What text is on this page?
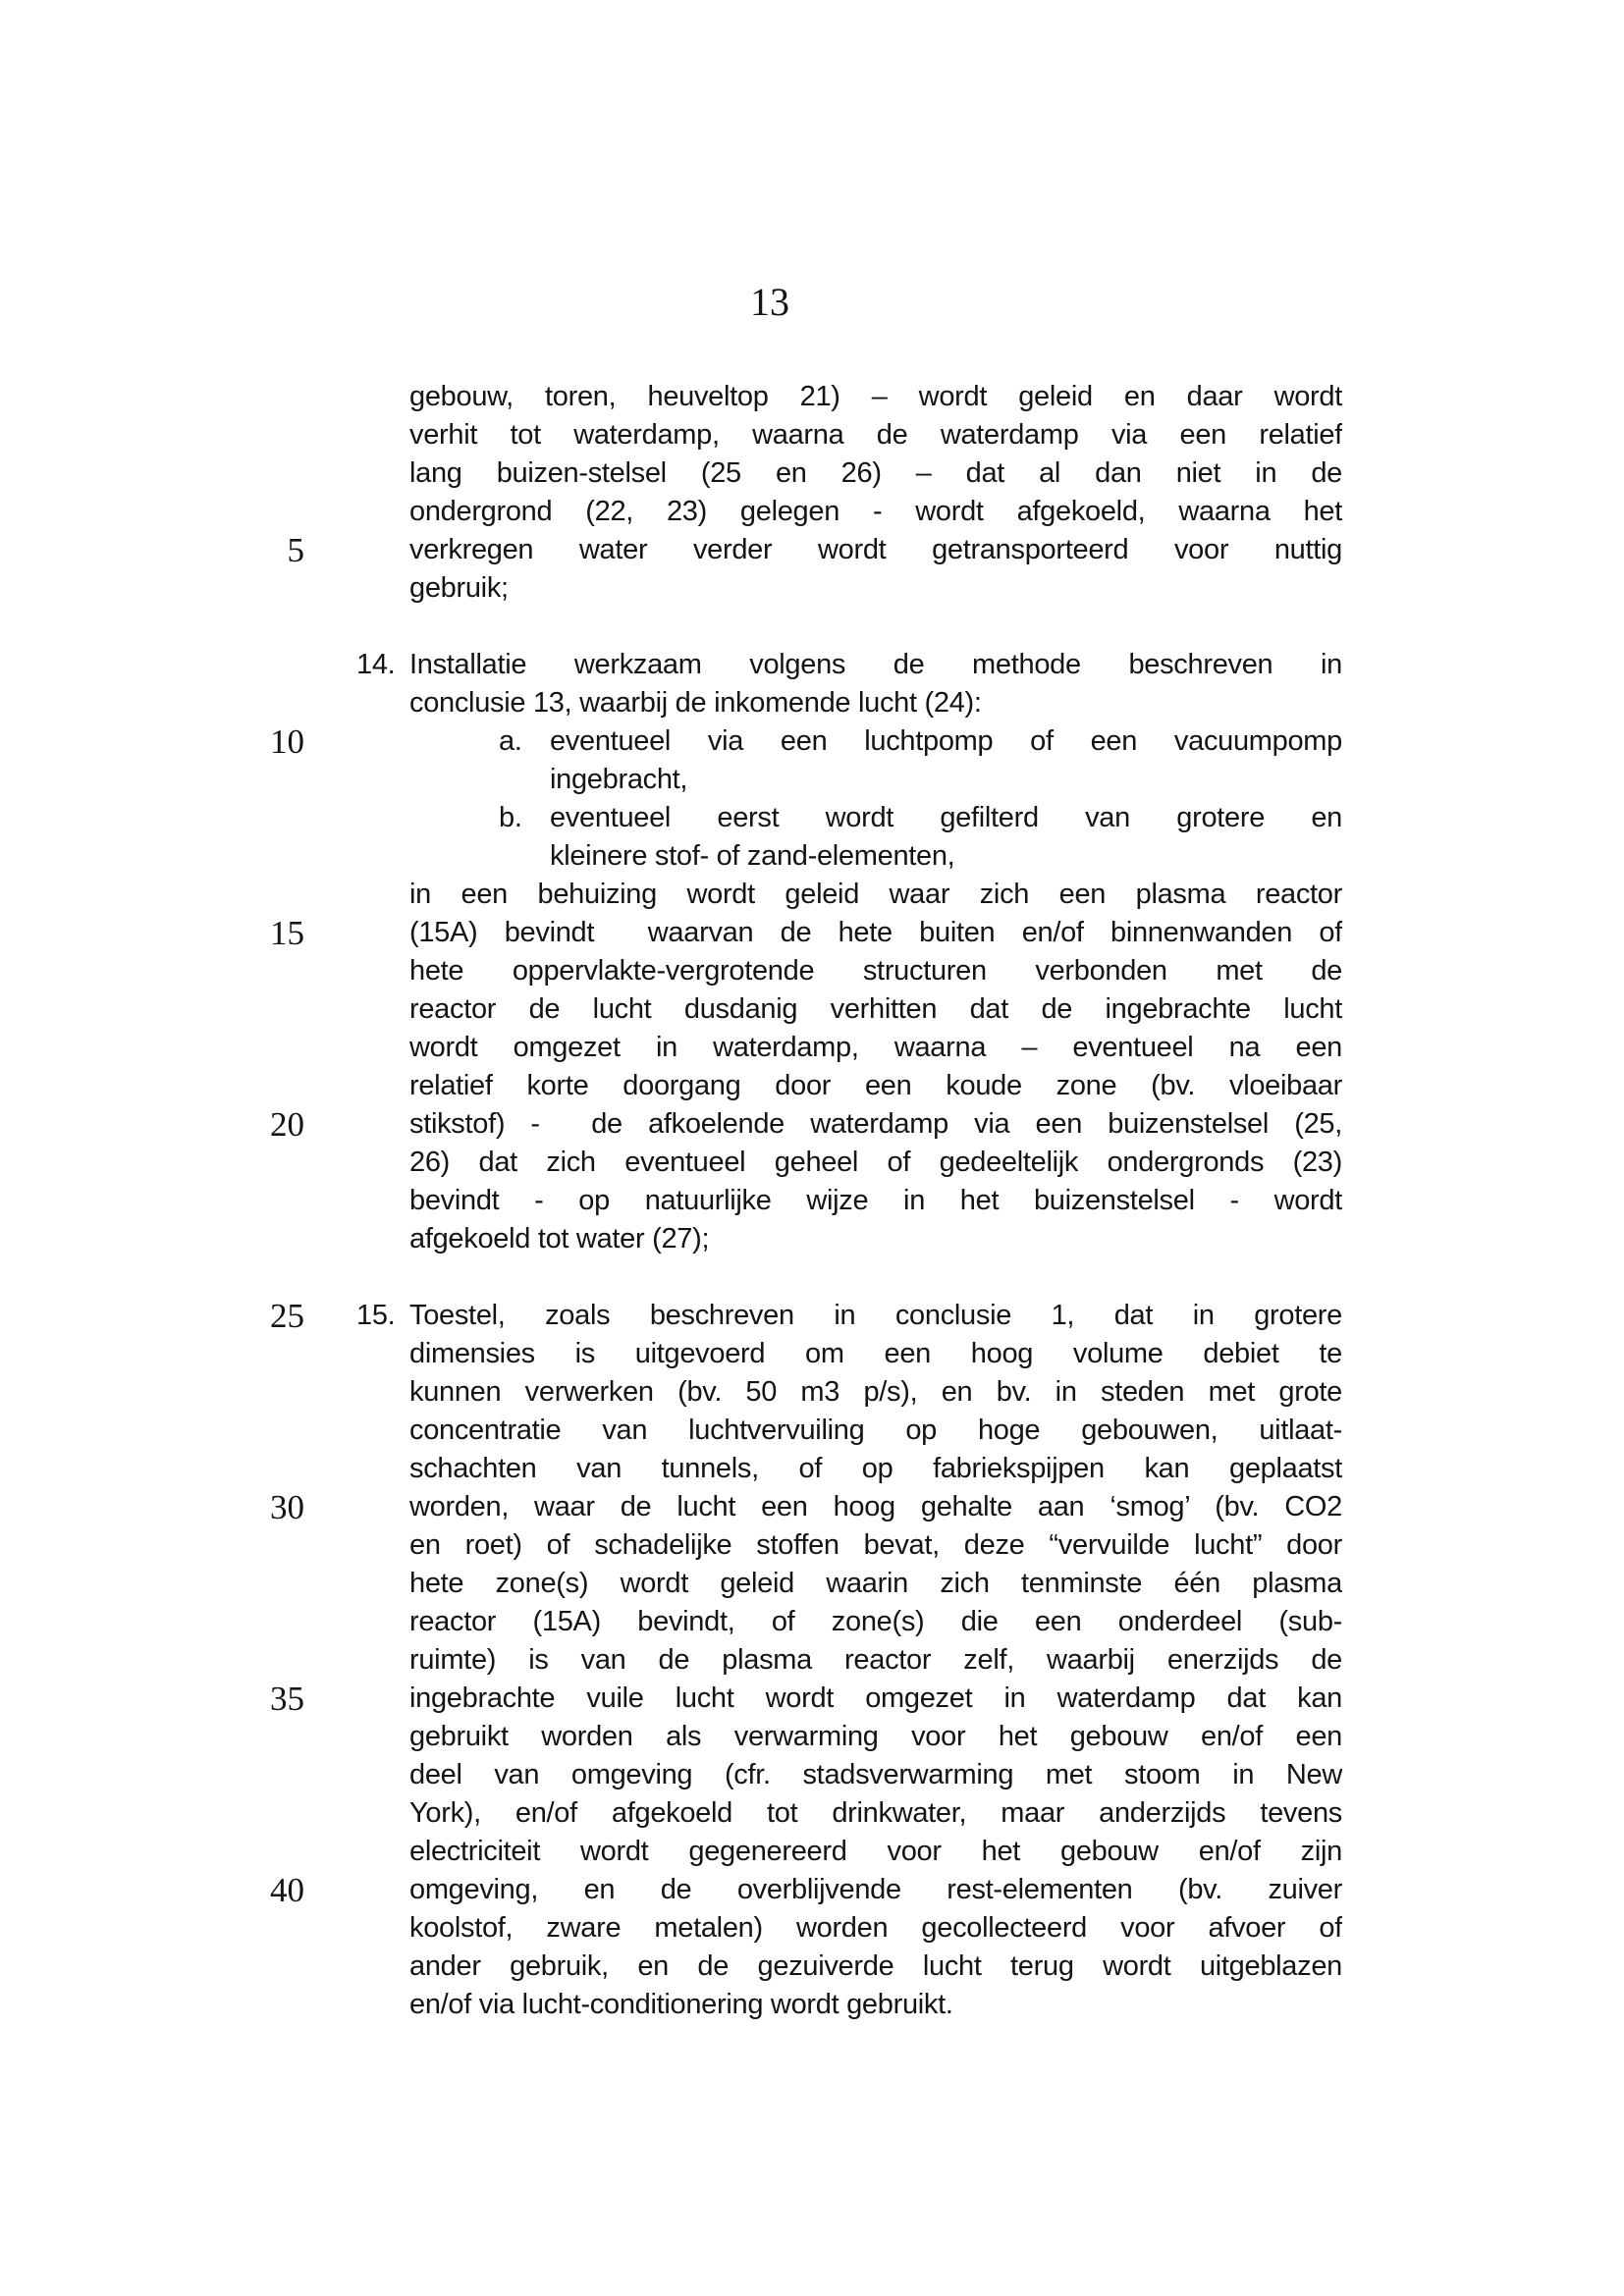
13
gebouw, toren, heuveltop 21) – wordt geleid en daar wordt
verhit tot waterdamp, waarna de waterdamp via een relatief
lang buizen-stelsel (25 en 26) – dat al dan niet in de
ondergrond (22, 23) gelegen - wordt afgekoeld, waarna het
5	verkregen water verder wordt getransporteerd voor nuttig
gebruik;
14. Installatie werkzaam volgens de methode beschreven in
conclusie 13, waarbij de inkomende lucht (24):
10	a. eventueel via een luchtpomp of een vacuumpomp
ingebracht,
b. eventueel eerst wordt gefilterd van grotere en
kleinere stof- of zand-elementen,
in een behuizing wordt geleid waar zich een plasma reactor
15	(15A) bevindt  waarvan de hete buiten en/of binnenwanden of
hete oppervlakte-vergrotende structuren verbonden met de
reactor de lucht dusdanig verhitten dat de ingebrachte lucht
wordt omgezet in waterdamp, waarna – eventueel na een
relatief korte doorgang door een koude zone (bv. vloeibaar
20	stikstof) -  de afkoelende waterdamp via een buizenstelsel (25,
26) dat zich eventueel geheel of gedeeltelijk ondergronds (23)
bevindt - op natuurlijke wijze in het buizenstelsel - wordt
afgekoeld tot water (27);
25 15. Toestel, zoals beschreven in conclusie 1, dat in grotere
dimensies is uitgevoerd om een hoog volume debiet te
kunnen verwerken (bv. 50 m3 p/s), en bv. in steden met grote
concentratie van luchtvervuiling op hoge gebouwen, uitlaat-
schachten van tunnels, of op fabriekspijpen kan geplaatst
30	worden, waar de lucht een hoog gehalte aan ‘smog’ (bv. CO2
en roet) of schadelijke stoffen bevat, deze “vervuilde lucht” door
hete zone(s) wordt geleid waarin zich tenminste één plasma
reactor (15A) bevindt, of zone(s) die een onderdeel (sub-
ruimte) is van de plasma reactor zelf, waarbij enerzijds de
35	ingebrachte vuile lucht wordt omgezet in waterdamp dat kan
gebruikt worden als verwarming voor het gebouw en/of een
deel van omgeving (cfr. stadsverwarming met stoom in New
York), en/of afgekoeld tot drinkwater, maar anderzijds tevens
electriciteit wordt gegenereerd voor het gebouw en/of zijn
40	omgeving, en de overblijvende rest-elementen (bv. zuiver
koolstof, zware metalen) worden gecollecteerd voor afvoer of
ander gebruik, en de gezuiverde lucht terug wordt uitgeblazen
en/of via lucht-conditionering wordt gebruikt.
